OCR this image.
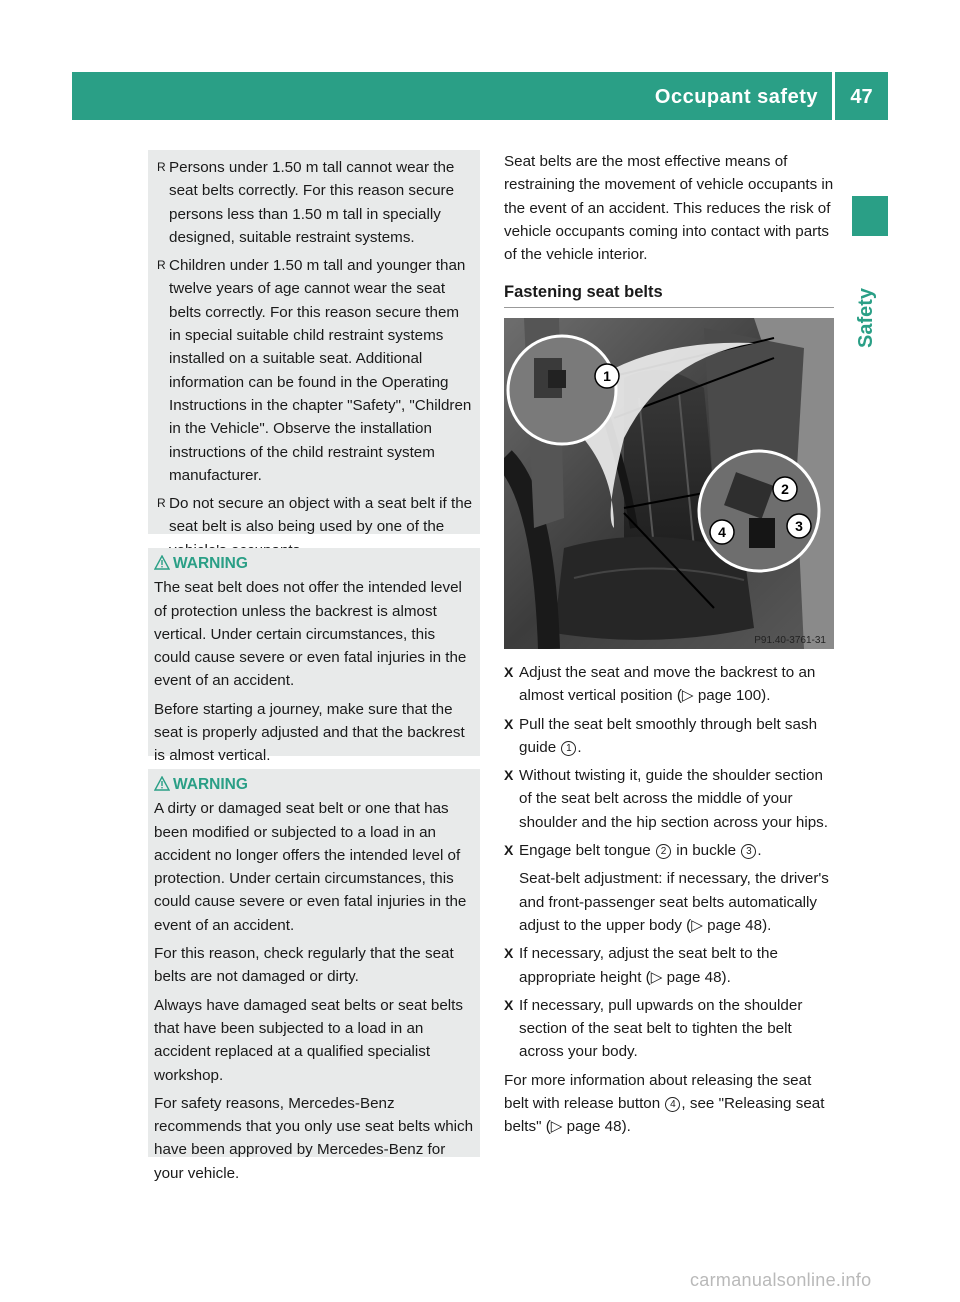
Occupant safety	47
Safety
R Persons under 1.50 m tall cannot wear the seat belts correctly. For this reason secure persons less than 1.50 m tall in specially designed, suitable restraint systems.
R Children under 1.50 m tall and younger than twelve years of age cannot wear the seat belts correctly. For this reason secure them in special suitable child restraint systems installed on a suitable seat. Additional information can be found in the Operating Instructions in the chapter "Safety", "Children in the Vehicle". Observe the installation instructions of the child restraint system manufacturer.
R Do not secure an object with a seat belt if the seat belt is also being used by one of the
WARNING

The seat belt does not offer the intended level of protection unless the backrest is almost vertical. Under certain circumstances, this could cause severe or even fatal injuries in the event of an accident.

Before starting a journey, make sure that the seat is properly adjusted and that the backrest is almost vertical.

WARNING

A dirty or damaged seat belt or one that has been modified or subjected to a load in an accident no longer offers the intended level of protection. Under certain circumstances, this could cause severe or even fatal injuries in the event of an accident.

For this reason, check regularly that the seat belts are not damaged or dirty.

Always have damaged seat belts or seat belts that have been subjected to a load in an accident replaced at a qualified specialist workshop.

For safety reasons, Mercedes-Benz recommends that you only use seat belts which have been approved by Mercedes-Benz for your vehicle.

Seat belts are the most effective means of restraining the movement of vehicle occupants in the event of an accident. This reduces the risk of vehicle occupants coming into contact with parts of the vehicle interior.

Fastening seat belts
1
2
3
4
P91.40-3761-31
X Adjust the seat and move the backrest to an almost vertical position (▷ page 100).
X Pull the seat belt smoothly through belt sash guide 1 .
X Without twisting it, guide the shoulder section of the seat belt across the middle of your shoulder and the hip section across your hips.
X Engage belt tongue 2 in buckle 3 .
Seat-belt adjustment: if necessary, the driver's and front-passenger seat belts automatically adjust to the upper body (▷ page 48).
X If necessary, adjust the seat belt to the appropriate height (▷ page 48).
X If necessary, pull upwards on the shoulder section of the seat belt to tighten the belt across your body.

For more information about releasing the seat belt with release button 4 , see "Releasing seat belts" (▷ page 48).

carmanualsonline.info
